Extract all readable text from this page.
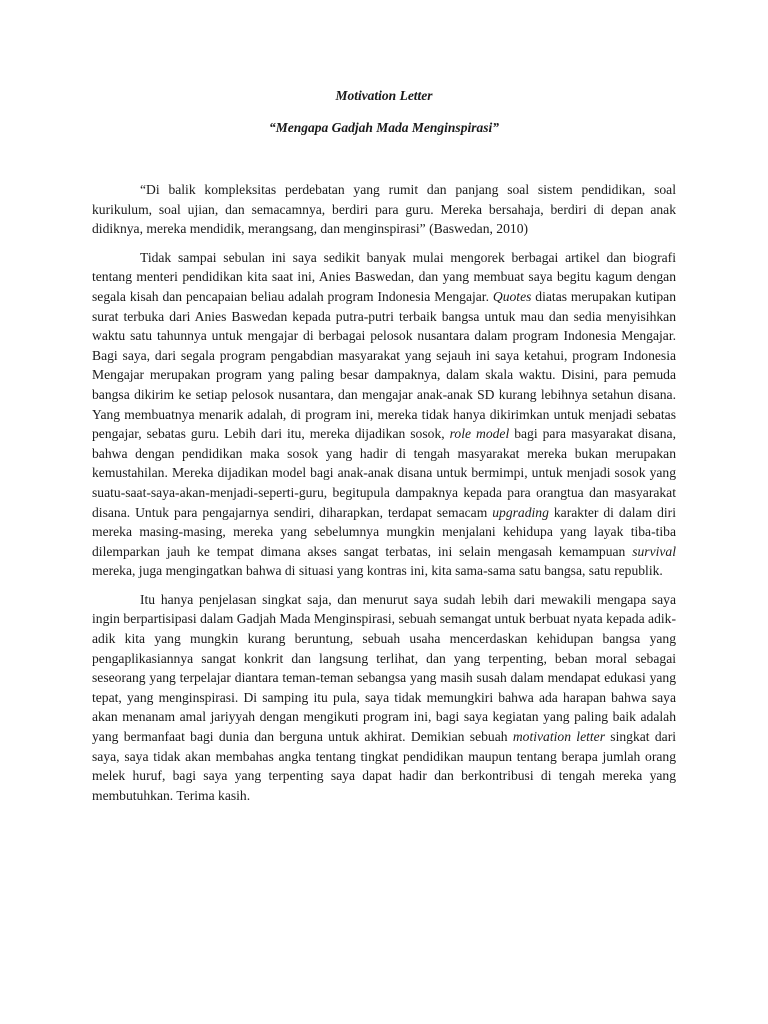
Motivation Letter
“Mengapa Gadjah Mada Menginspirasi”

“Di balik kompleksitas perdebatan yang rumit dan panjang soal sistem pendidikan, soal kurikulum, soal ujian, dan semacamnya, berdiri para guru. Mereka bersahaja, berdiri di depan anak didiknya, mereka mendidik, merangsang, dan menginspirasi” (Baswedan, 2010)

Tidak sampai sebulan ini saya sedikit banyak mulai mengorek berbagai artikel dan biografi tentang menteri pendidikan kita saat ini, Anies Baswedan, dan yang membuat saya begitu kagum dengan segala kisah dan pencapaian beliau adalah program Indonesia Mengajar. Quotes diatas merupakan kutipan surat terbuka dari Anies Baswedan kepada putra-putri terbaik bangsa untuk mau dan sedia menyisihkan waktu satu tahunnya untuk mengajar di berbagai pelosok nusantara dalam program Indonesia Mengajar. Bagi saya, dari segala program pengabdian masyarakat yang sejauh ini saya ketahui, program Indonesia Mengajar merupakan program yang paling besar dampaknya, dalam skala waktu. Disini, para pemuda bangsa dikirim ke setiap pelosok nusantara, dan mengajar anak-anak SD kurang lebihnya setahun disana. Yang membuatnya menarik adalah, di program ini, mereka tidak hanya dikirimkan untuk menjadi sebatas pengajar, sebatas guru. Lebih dari itu, mereka dijadikan sosok, role model bagi para masyarakat disana, bahwa dengan pendidikan maka sosok yang hadir di tengah masyarakat mereka bukan merupakan kemustahilan. Mereka dijadikan model bagi anak-anak disana untuk bermimpi, untuk menjadi sosok yang suatu-saat-saya-akan-menjadi-seperti-guru, begitupula dampaknya kepada para orangtua dan masyarakat disana. Untuk para pengajarnya sendiri, diharapkan, terdapat semacam upgrading karakter di dalam diri mereka masing-masing, mereka yang sebelumnya mungkin menjalani kehidupa yang layak tiba-tiba dilemparkan jauh ke tempat dimana akses sangat terbatas, ini selain mengasah kemampuan survival mereka, juga mengingatkan bahwa di situasi yang kontras ini, kita sama-sama satu bangsa, satu republik.

Itu hanya penjelasan singkat saja, dan menurut saya sudah lebih dari mewakili mengapa saya ingin berpartisipasi dalam Gadjah Mada Menginspirasi, sebuah semangat untuk berbuat nyata kepada adik-adik kita yang mungkin kurang beruntung, sebuah usaha mencerdaskan kehidupan bangsa yang pengaplikasiannya sangat konkrit dan langsung terlihat, dan yang terpenting, beban moral sebagai seseorang yang terpelajar diantara teman-teman sebangsa yang masih susah dalam mendapat edukasi yang tepat, yang menginspirasi. Di samping itu pula, saya tidak memungkiri bahwa ada harapan bahwa saya akan menanam amal jariyyah dengan mengikuti program ini, bagi saya kegiatan yang paling baik adalah yang bermanfaat bagi dunia dan berguna untuk akhirat. Demikian sebuah motivation letter singkat dari saya, saya tidak akan membahas angka tentang tingkat pendidikan maupun tentang berapa jumlah orang melek huruf, bagi saya yang terpenting saya dapat hadir dan berkontribusi di tengah mereka yang membutuhkan. Terima kasih.
